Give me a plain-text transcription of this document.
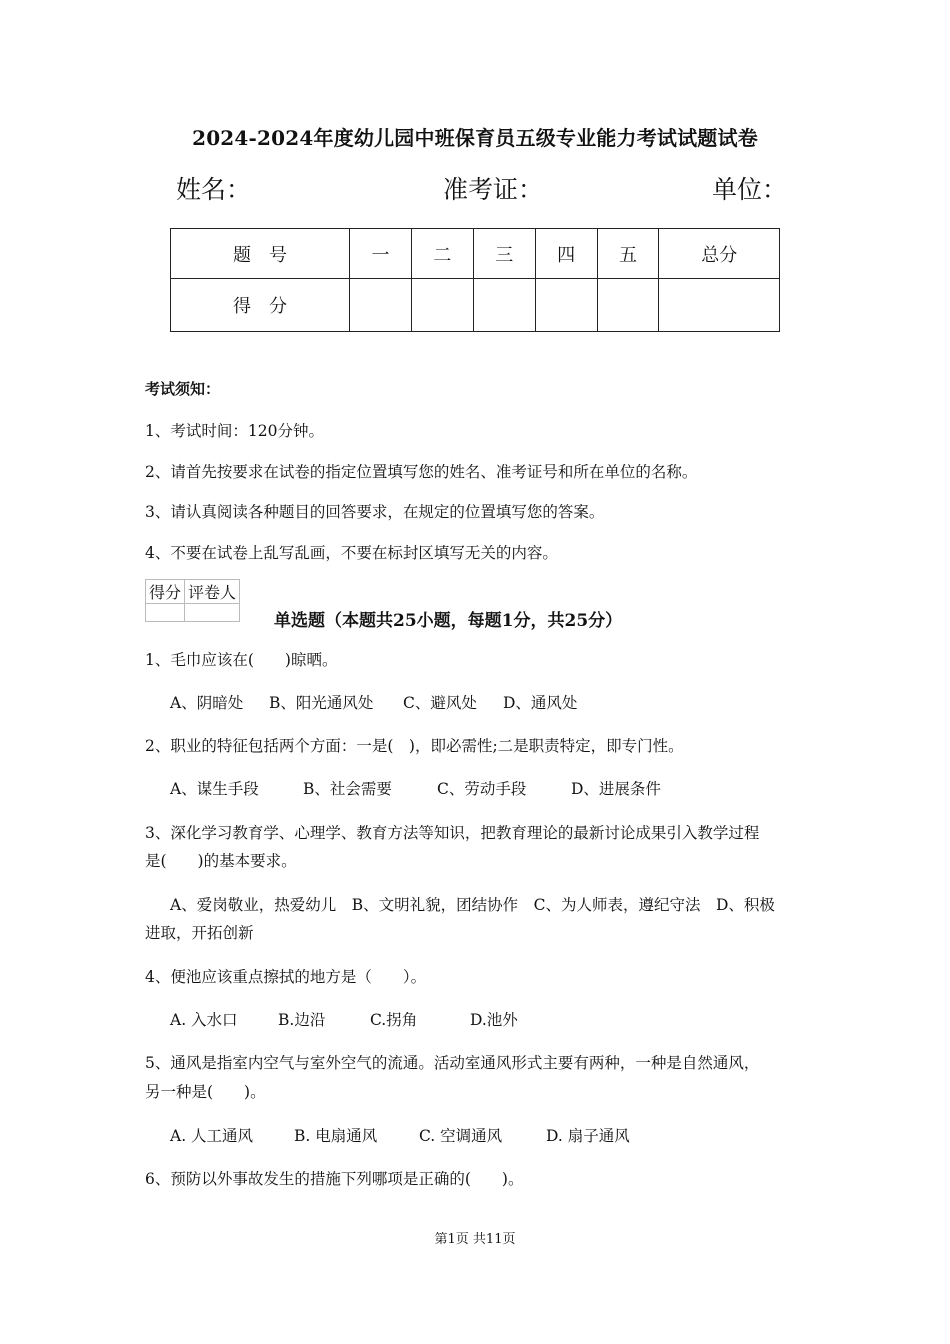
2024-2024年度幼儿园中班保育员五级专业能力考试试题试卷
姓名：	准考证：	单位：
题　号	一	二	三	四	五	总分
得　分						
考试须知：
1、考试时间：120分钟。
2、请首先按要求在试卷的指定位置填写您的姓名、准考证号和所在单位的名称。
3、请认真阅读各种题目的回答要求，在规定的位置填写您的答案。
4、不要在试卷上乱写乱画，不要在标封区填写无关的内容。
得分	评卷人

单选题（本题共25小题，每题1分，共25分）
1、毛巾应该在(　　)晾晒。
A、阴暗处 B、阳光通风处 C、避风处 D、通风处
2、职业的特征包括两个方面：一是(　)，即必需性;二是职责特定，即专门性。
A、谋生手段	B、社会需要	C、劳动手段	D、进展条件
3、深化学习教育学、心理学、教育方法等知识，把教育理论的最新讨论成果引入教学过程
是(　　)的基本要求。
A、爱岗敬业，热爱幼儿　B、文明礼貌，团结协作　C、为人师表，遵纪守法　D、积极
进取，开拓创新
4、便池应该重点擦拭的地方是（　　）。
A. 入水口	B.边沿	C.拐角	D.池外
5、通风是指室内空气与室外空气的流通。活动室通风形式主要有两种，一种是自然通风，
另一种是(　　)。
A. 人工通风	B. 电扇通风	C. 空调通风	D. 扇子通风
6、预防以外事故发生的措施下列哪项是正确的(　　)。
第1页 共11页
